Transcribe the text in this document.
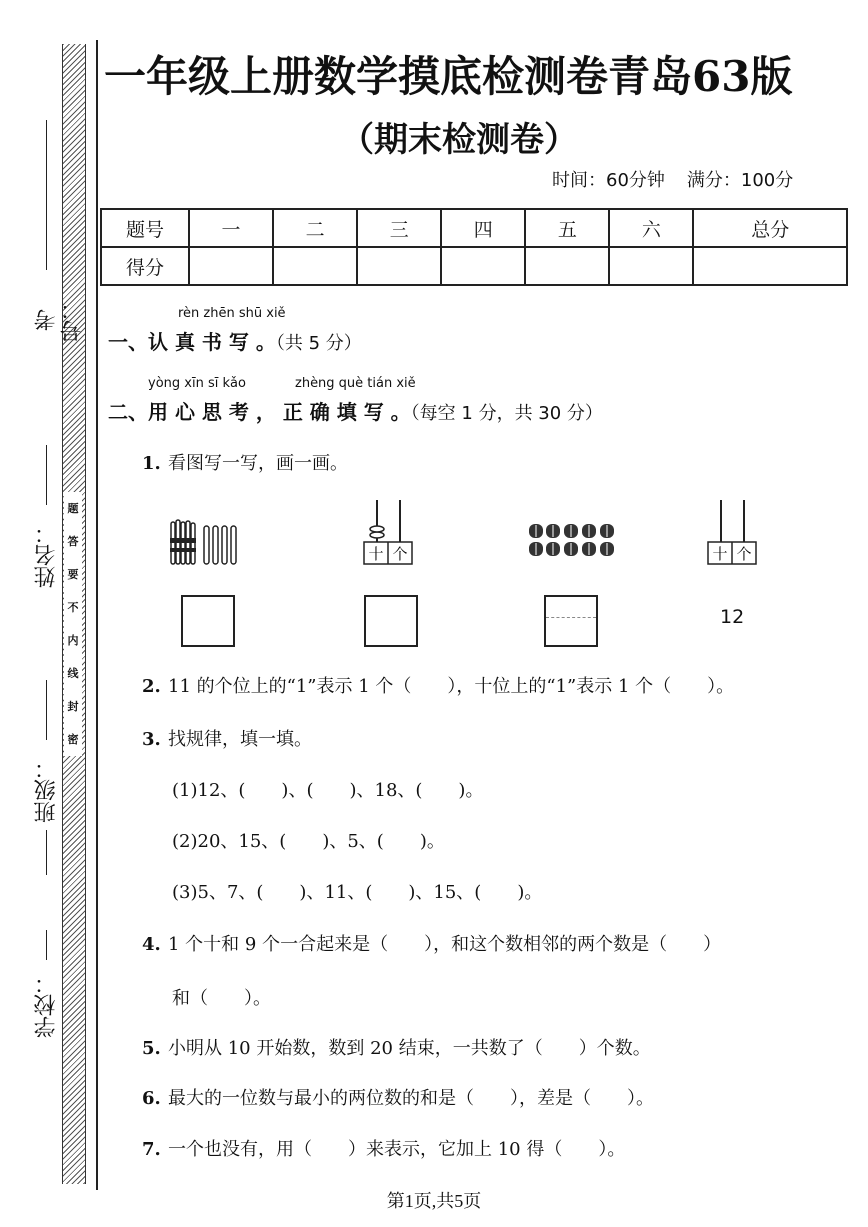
题
答
要
不
内
线
封
密
考号：
姓名：
班级：
学校：
一年级上册数学摸底检测卷青岛63版
（期末检测卷）
时间：60分钟 满分：100分
题号	一	二	三	四	五	六	总分
得分							
rèn zhēn shū xiě
一、认 真 书 写 。（共 5 分）
yòng xīn sī kǎo	zhèng què tián xiě
二、用 心 思 考 ， 正 确 填 写 。（每空 1 分，共 30 分）
1. 看图写一写，画一画。
十 个	十 个
12
2. 11 的个位上的“1”表示 1 个（　　），十位上的“1”表示 1 个（　　）。
3. 找规律，填一填。
(1)12、(　　)、(　　)、18、(　　)。
(2)20、15、(　　)、5、(　　)。
(3)5、7、(　　)、11、(　　)、15、(　　)。
4. 1 个十和 9 个一合起来是（　　），和这个数相邻的两个数是（　　）
和（　　）。
5. 小明从 10 开始数，数到 20 结束，一共数了（　　）个数。
6. 最大的一位数与最小的两位数的和是（　　），差是（　　）。
7. 一个也没有，用（　　）来表示，它加上 10 得（　　）。
第1页,共5页
